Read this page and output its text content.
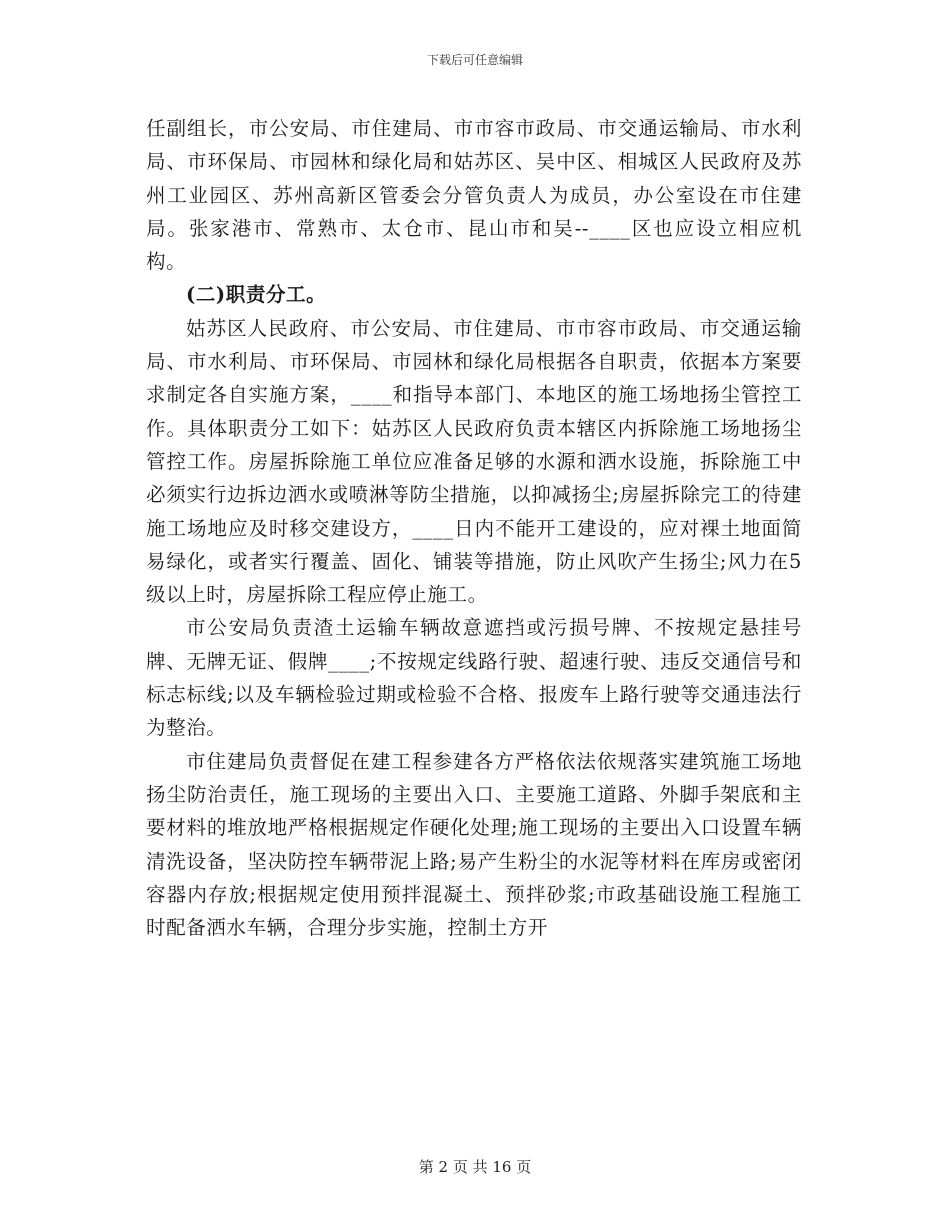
下载后可任意编辑

任副组长，市公安局、市住建局、市市容市政局、市交通运输局、市水利局、市环保局、市园林和绿化局和姑苏区、吴中区、相城区人民政府及苏州工业园区、苏州高新区管委会分管负责人为成员，办公室设在市住建局。张家港市、常熟市、太仓市、昆山市和吴--____区也应设立相应机构。

(二)职责分工。

姑苏区人民政府、市公安局、市住建局、市市容市政局、市交通运输局、市水利局、市环保局、市园林和绿化局根据各自职责，依据本方案要求制定各自实施方案，____和指导本部门、本地区的施工场地扬尘管控工作。具体职责分工如下：姑苏区人民政府负责本辖区内拆除施工场地扬尘管控工作。房屋拆除施工单位应准备足够的水源和洒水设施，拆除施工中必须实行边拆边洒水或喷淋等防尘措施，以抑减扬尘;房屋拆除完工的待建施工场地应及时移交建设方，____日内不能开工建设的，应对裸土地面简易绿化，或者实行覆盖、固化、铺装等措施，防止风吹产生扬尘;风力在5级以上时，房屋拆除工程应停止施工。

市公安局负责渣土运输车辆故意遮挡或污损号牌、不按规定悬挂号牌、无牌无证、假牌____;不按规定线路行驶、超速行驶、违反交通信号和标志标线;以及车辆检验过期或检验不合格、报废车上路行驶等交通违法行为整治。

市住建局负责督促在建工程参建各方严格依法依规落实建筑施工场地扬尘防治责任，施工现场的主要出入口、主要施工道路、外脚手架底和主要材料的堆放地严格根据规定作硬化处理;施工现场的主要出入口设置车辆清洗设备，坚决防控车辆带泥上路;易产生粉尘的水泥等材料在库房或密闭容器内存放;根据规定使用预拌混凝土、预拌砂浆;市政基础设施工程施工时配备洒水车辆，合理分步实施，控制土方开

第 2 页 共 16 页
